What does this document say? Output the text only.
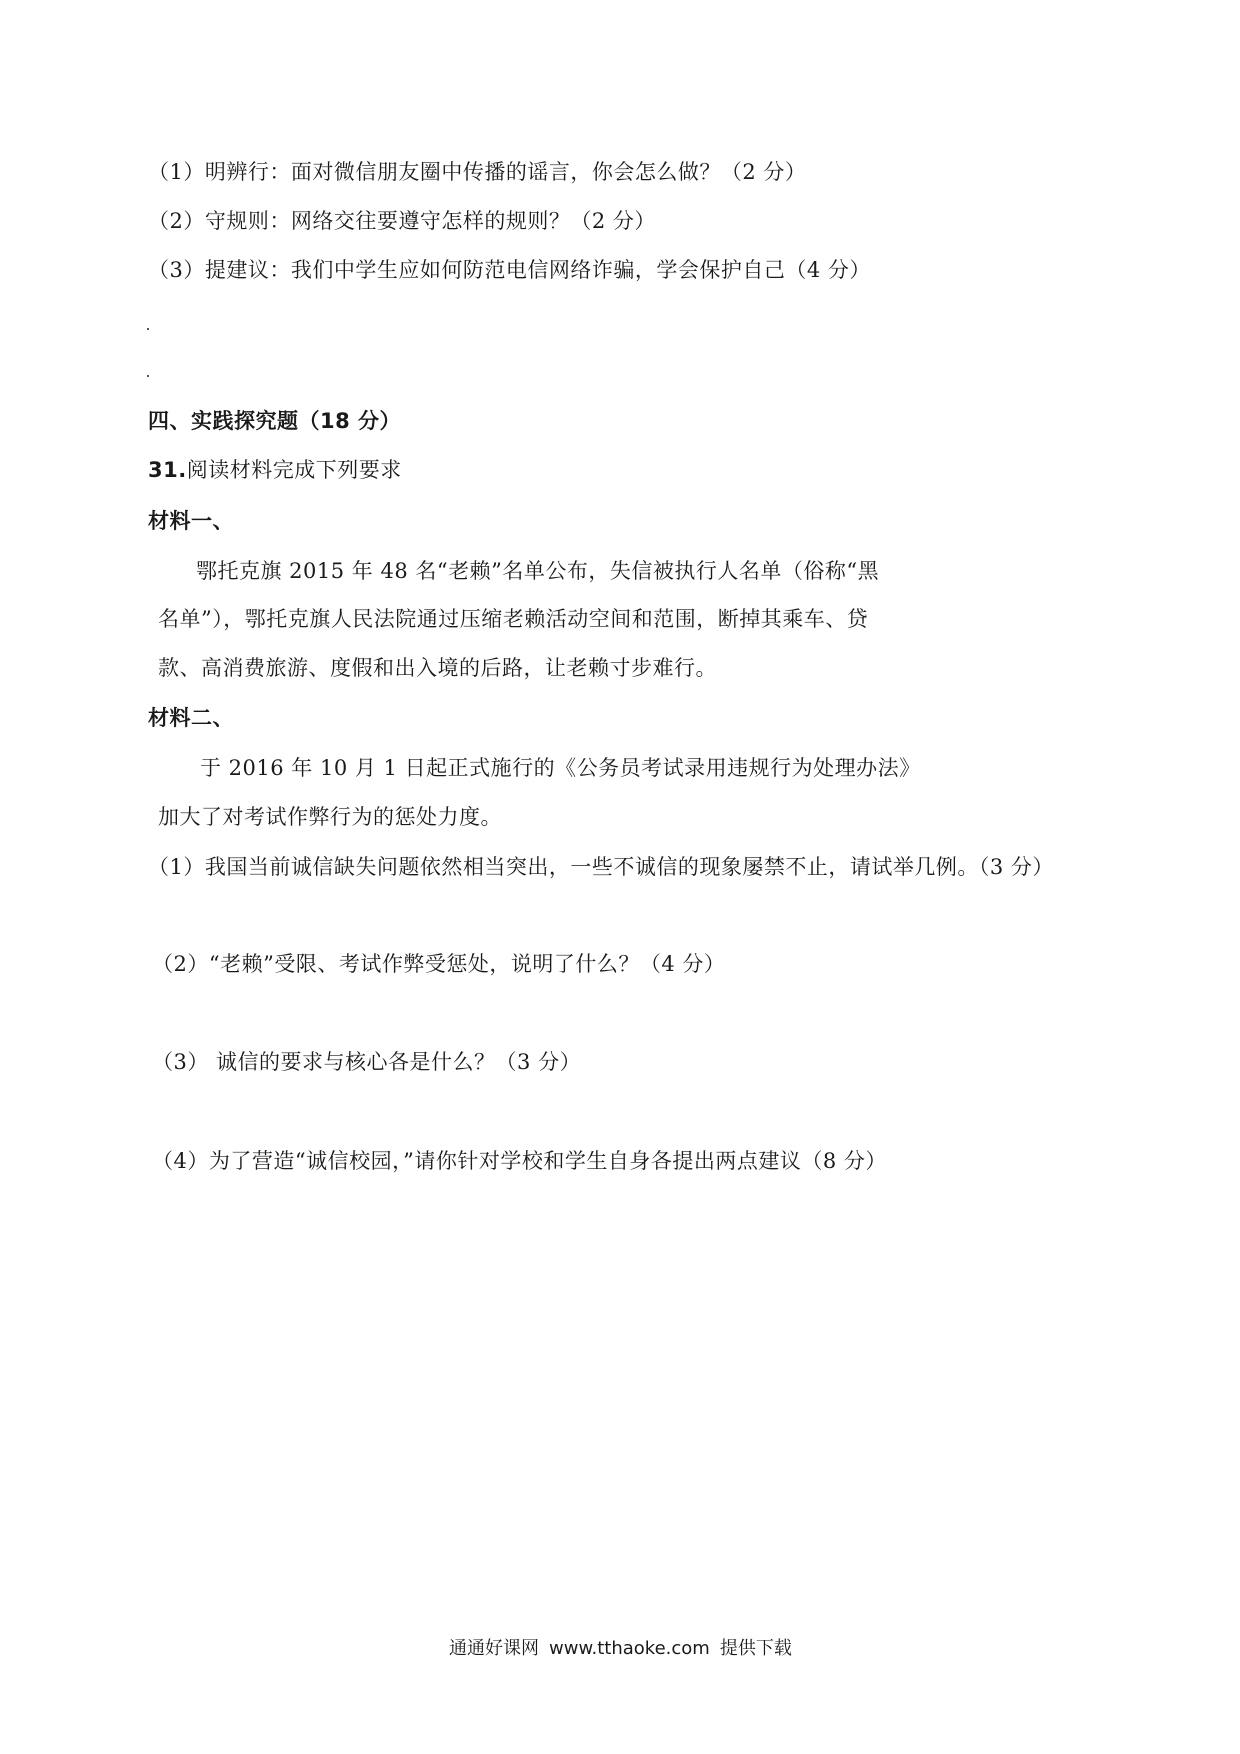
（1）明辨行：面对微信朋友圈中传播的谣言，你会怎么做？（2 分）
（2）守规则：网络交往要遵守怎样的规则？（2 分）
（3）提建议：我们中学生应如何防范电信网络诈骗，学会保护自己（4 分）
四、实践探究题（18 分）
31.阅读材料完成下列要求
材料一、
鄂托克旗 2015 年 48 名“老赖”名单公布，失信被执行人名单（俗称“黑
名单”），鄂托克旗人民法院通过压缩老赖活动空间和范围，断掉其乘车、贷
款、高消费旅游、度假和出入境的后路，让老赖寸步难行。
材料二、
于 2016 年 10 月 1 日起正式施行的《公务员考试录用违规行为处理办法》
加大了对考试作弊行为的惩处力度。
（1）我国当前诚信缺失问题依然相当突出，一些不诚信的现象屡禁不止，请试举几例。（3 分）
（2）“老赖”受限、考试作弊受惩处，说明了什么？（4 分）
（3） 诚信的要求与核心各是什么？（3 分）
（4）为了营造“诚信校园，”请你针对学校和学生自身各提出两点建议（8 分）
通通好课网 www.tthaoke.com 提供下载
